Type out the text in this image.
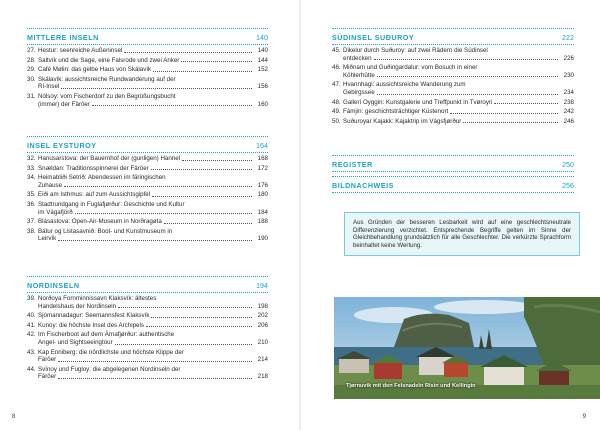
MITTLERE INSELN	140
27. Hestur: seenreiche Außeninsel	140
28. Saltvík und die Sage, eine Falsrode und zwei Anker	144
29. Café Mølin: das gelbe Haus von Skálavík	152
30. Skálavík: aussichtsreiche Rundwanderung auf der
Rí-Insel	156
31. Nólsoy: vom Fischerdorf zu den Begrüßungsbucht
(immer) der Färöer	160
INSEL EYSTUROY	164
32. Hanusarstova: der Bauernhof der (gunligen) Hannel	168
33. Snældan: Traditionsspinnerei der Färöer	172
34. Heimabliði Setrið: Abendessen im färingischen
Zuhause	176
35. Eiði am Isthmus: auf zum Aussichtsgipfel	180
36. Stadtrundgang in Fuglafjørður: Geschichte und Kultur
im Vágafjörð	184
37. Blásastova: Open-Air-Museum in Norðragøta	188
38. Bátur og Listasavnið: Boot- und Kunstmuseum in
Leirvík	190
NORDINSELN	194
39. Norðoya Fornminnissavn Klaksvík: ältestes
Handelshaus der Nordinseln	198
40. Sjómannadagur: Seemannsfest Klaksvík	202
41. Kunoy: die höchste Insel des Archipels	206
42. Im Fischerboot auf dem Árnafjørður: authentische
Angel- und Sightseeingtour	210
43. Kap Enniberg: die nördlichste und höchste Klippe der
Färöer	214
44. Svínoy und Fugloy: die abgelegenen Nordinseln der
Färöer	218
8
SÜDINSEL SUÐUROY	222
45. Dikelur durch Suðuroy: auf zwei Rädern die Südinsel
entdecken	226
46. Miðnam und Guðingardalur: vom Bosuch in einer
Köhlerhütte	230
47. Hvannhagi: aussichtsreiche Wanderung zum
Gebirgssee	234
48. Gallerí Oyggin: Kunstgalerie und Treffpunkt in Tvøroyri	238
49. Fámjin: geschichtsträchtiger Küstenort	242
50. Suðuroyar Kajakk: Kajaktrip im Vágsfjørður	246
REGISTER	250
BILDNACHWEIS	256
9
Aus Gründen der besseren Lesbarkeit wird auf eine geschlechtsneutrale Differenzierung verzichtet. Entsprechende Begriffe gelten im Sinne der Gleichbehandlung grundsätzlich für alle Geschlechter. Die verkürzte Sprachform beinhaltet keine Wertung.
Tjørnuvík mit den Felsnadeln Risin und Kellingin
